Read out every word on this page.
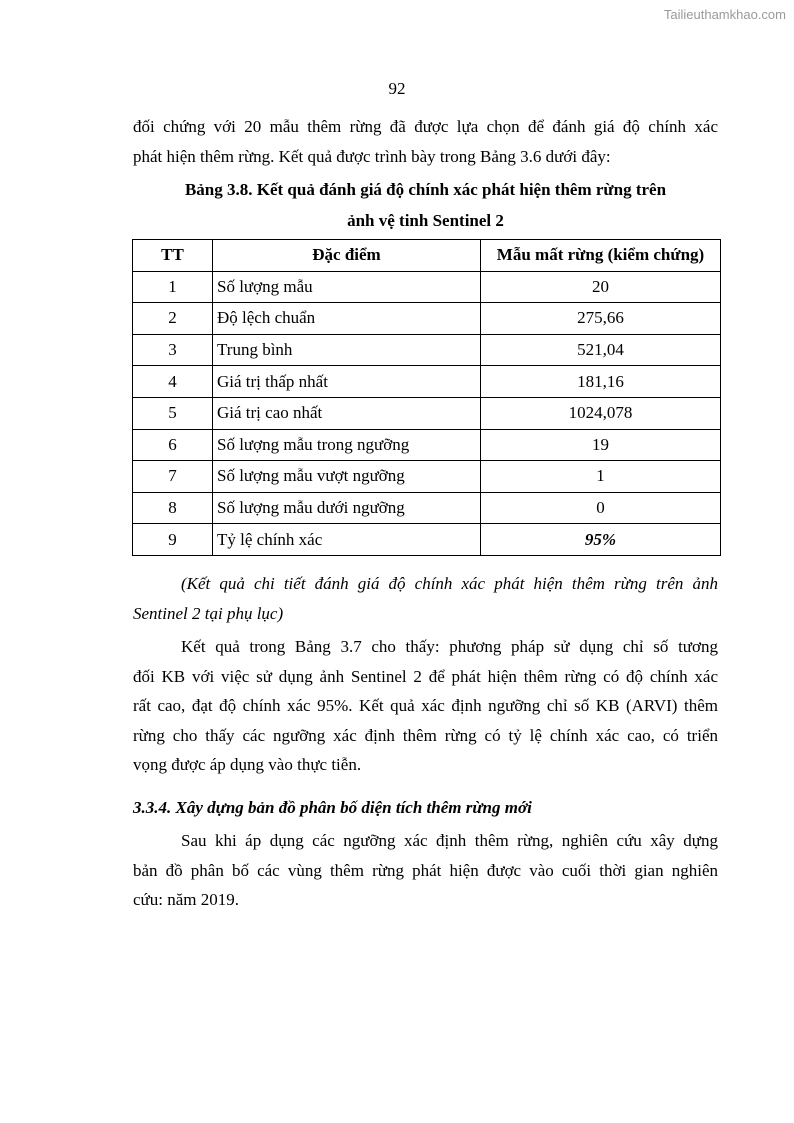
Tailieuthamkhao.com
92
đối chứng với 20 mẫu thêm rừng đã được lựa chọn để đánh giá độ chính xác
phát hiện thêm rừng. Kết quả được trình bày trong Bảng 3.6 dưới đây:
Bảng 3.8. Kết quả đánh giá độ chính xác phát hiện thêm rừng trên
ảnh vệ tinh Sentinel 2
TT	Đặc điểm	Mẫu mất rừng (kiểm chứng)
1	Số lượng mẫu	20
2	Độ lệch chuẩn	275,66
3	Trung bình	521,04
4	Giá trị thấp nhất	181,16
5	Giá trị cao nhất	1024,078
6	Số lượng mẫu trong ngưỡng	19
7	Số lượng mẫu vượt ngưỡng	1
8	Số lượng mẫu dưới ngưỡng	0
9	Tỷ lệ chính xác	95%
(Kết quả chi tiết đánh giá độ chính xác phát hiện thêm rừng trên ảnh
Sentinel 2 tại phụ lục)
Kết quả trong Bảng 3.7 cho thấy: phương pháp sử dụng chỉ số tương
đối KB với việc sử dụng ảnh Sentinel 2 để phát hiện thêm rừng có độ chính xác
rất cao, đạt độ chính xác 95%. Kết quả xác định ngưỡng chỉ số KB (ARVI) thêm
rừng cho thấy các ngưỡng xác định thêm rừng có tỷ lệ chính xác cao, có triển
vọng được áp dụng vào thực tiễn.
3.3.4. Xây dựng bản đồ phân bố diện tích thêm rừng mới
Sau khi áp dụng các ngưỡng xác định thêm rừng, nghiên cứu xây dựng
bản đồ phân bố các vùng thêm rừng phát hiện được vào cuối thời gian nghiên
cứu: năm 2019.
